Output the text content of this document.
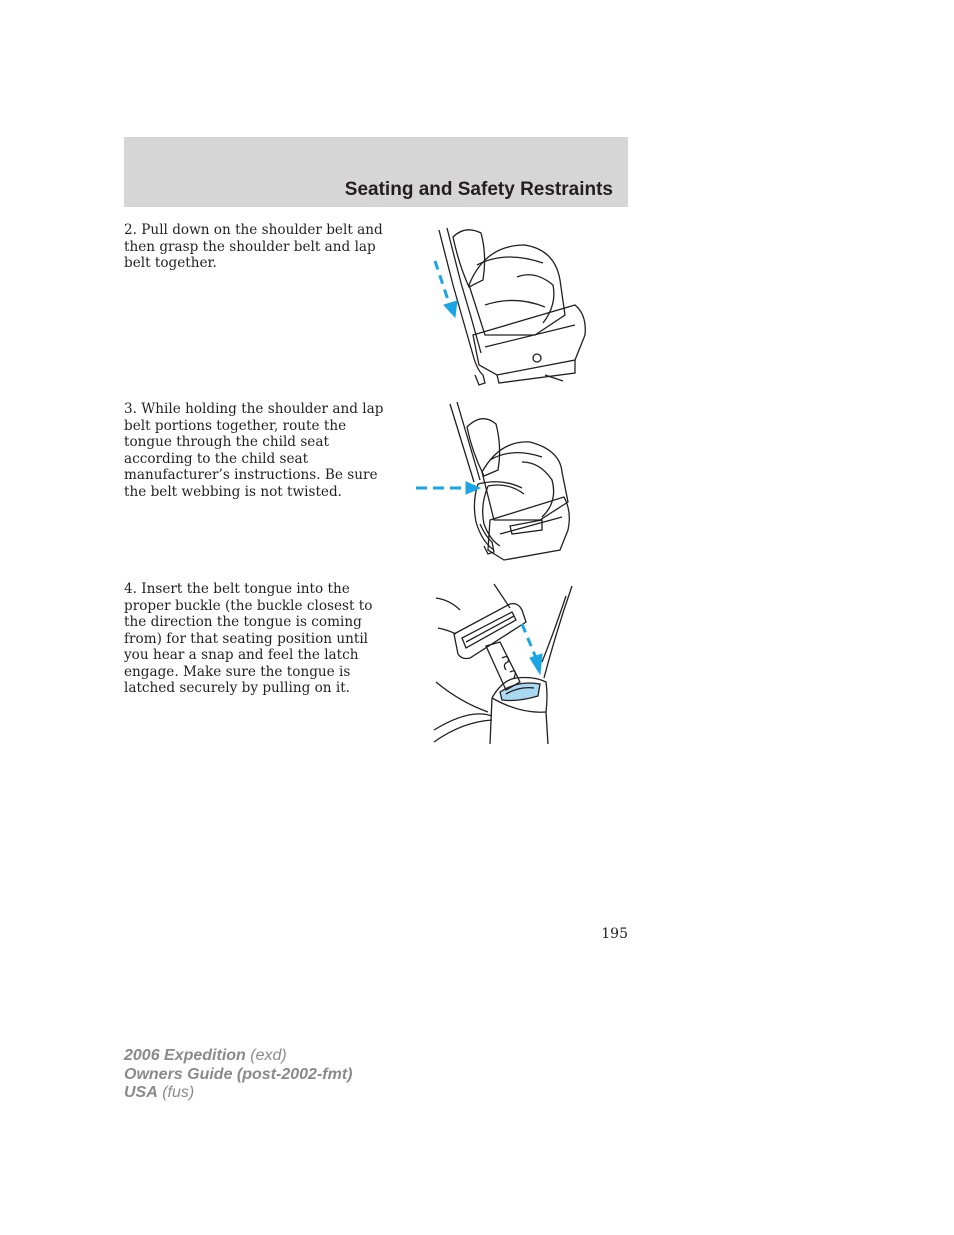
Seating and Safety Restraints
2. Pull down on the shoulder belt and then grasp the shoulder belt and lap belt together.
3. While holding the shoulder and lap belt portions together, route the tongue through the child seat according to the child seat manufacturer’s instructions. Be sure the belt webbing is not twisted.
4. Insert the belt tongue into the proper buckle (the buckle closest to the direction the tongue is coming from) for that seating position until you hear a snap and feel the latch engage. Make sure the tongue is latched securely by pulling on it.
195
2006 Expedition (exd)
Owners Guide (post-2002-fmt)
USA (fus)
